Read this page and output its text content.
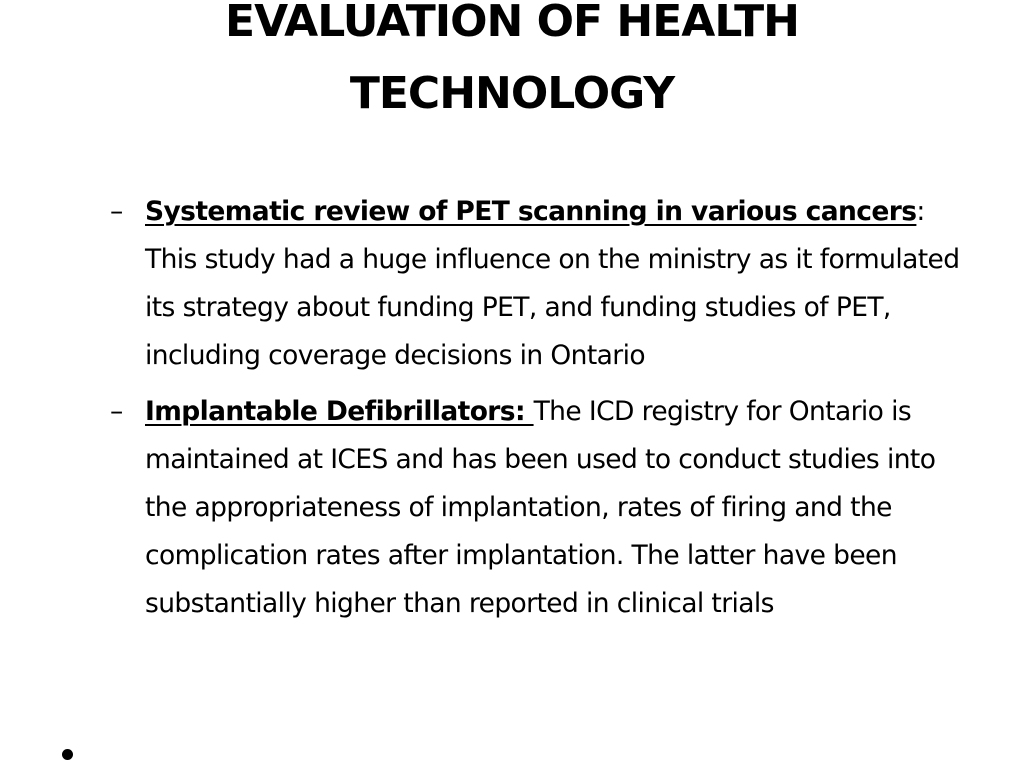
EVALUATION OF HEALTH
TECHNOLOGY
– Systematic review of PET scanning in various cancers: This study had a huge influence on the ministry as it formulated its strategy about funding PET, and funding studies of PET, including coverage decisions in Ontario
– Implantable Defibrillators: The ICD registry for Ontario is maintained at ICES and has been used to conduct studies into the appropriateness of implantation, rates of firing and the complication rates after implantation. The latter have been substantially higher than reported in clinical trials
